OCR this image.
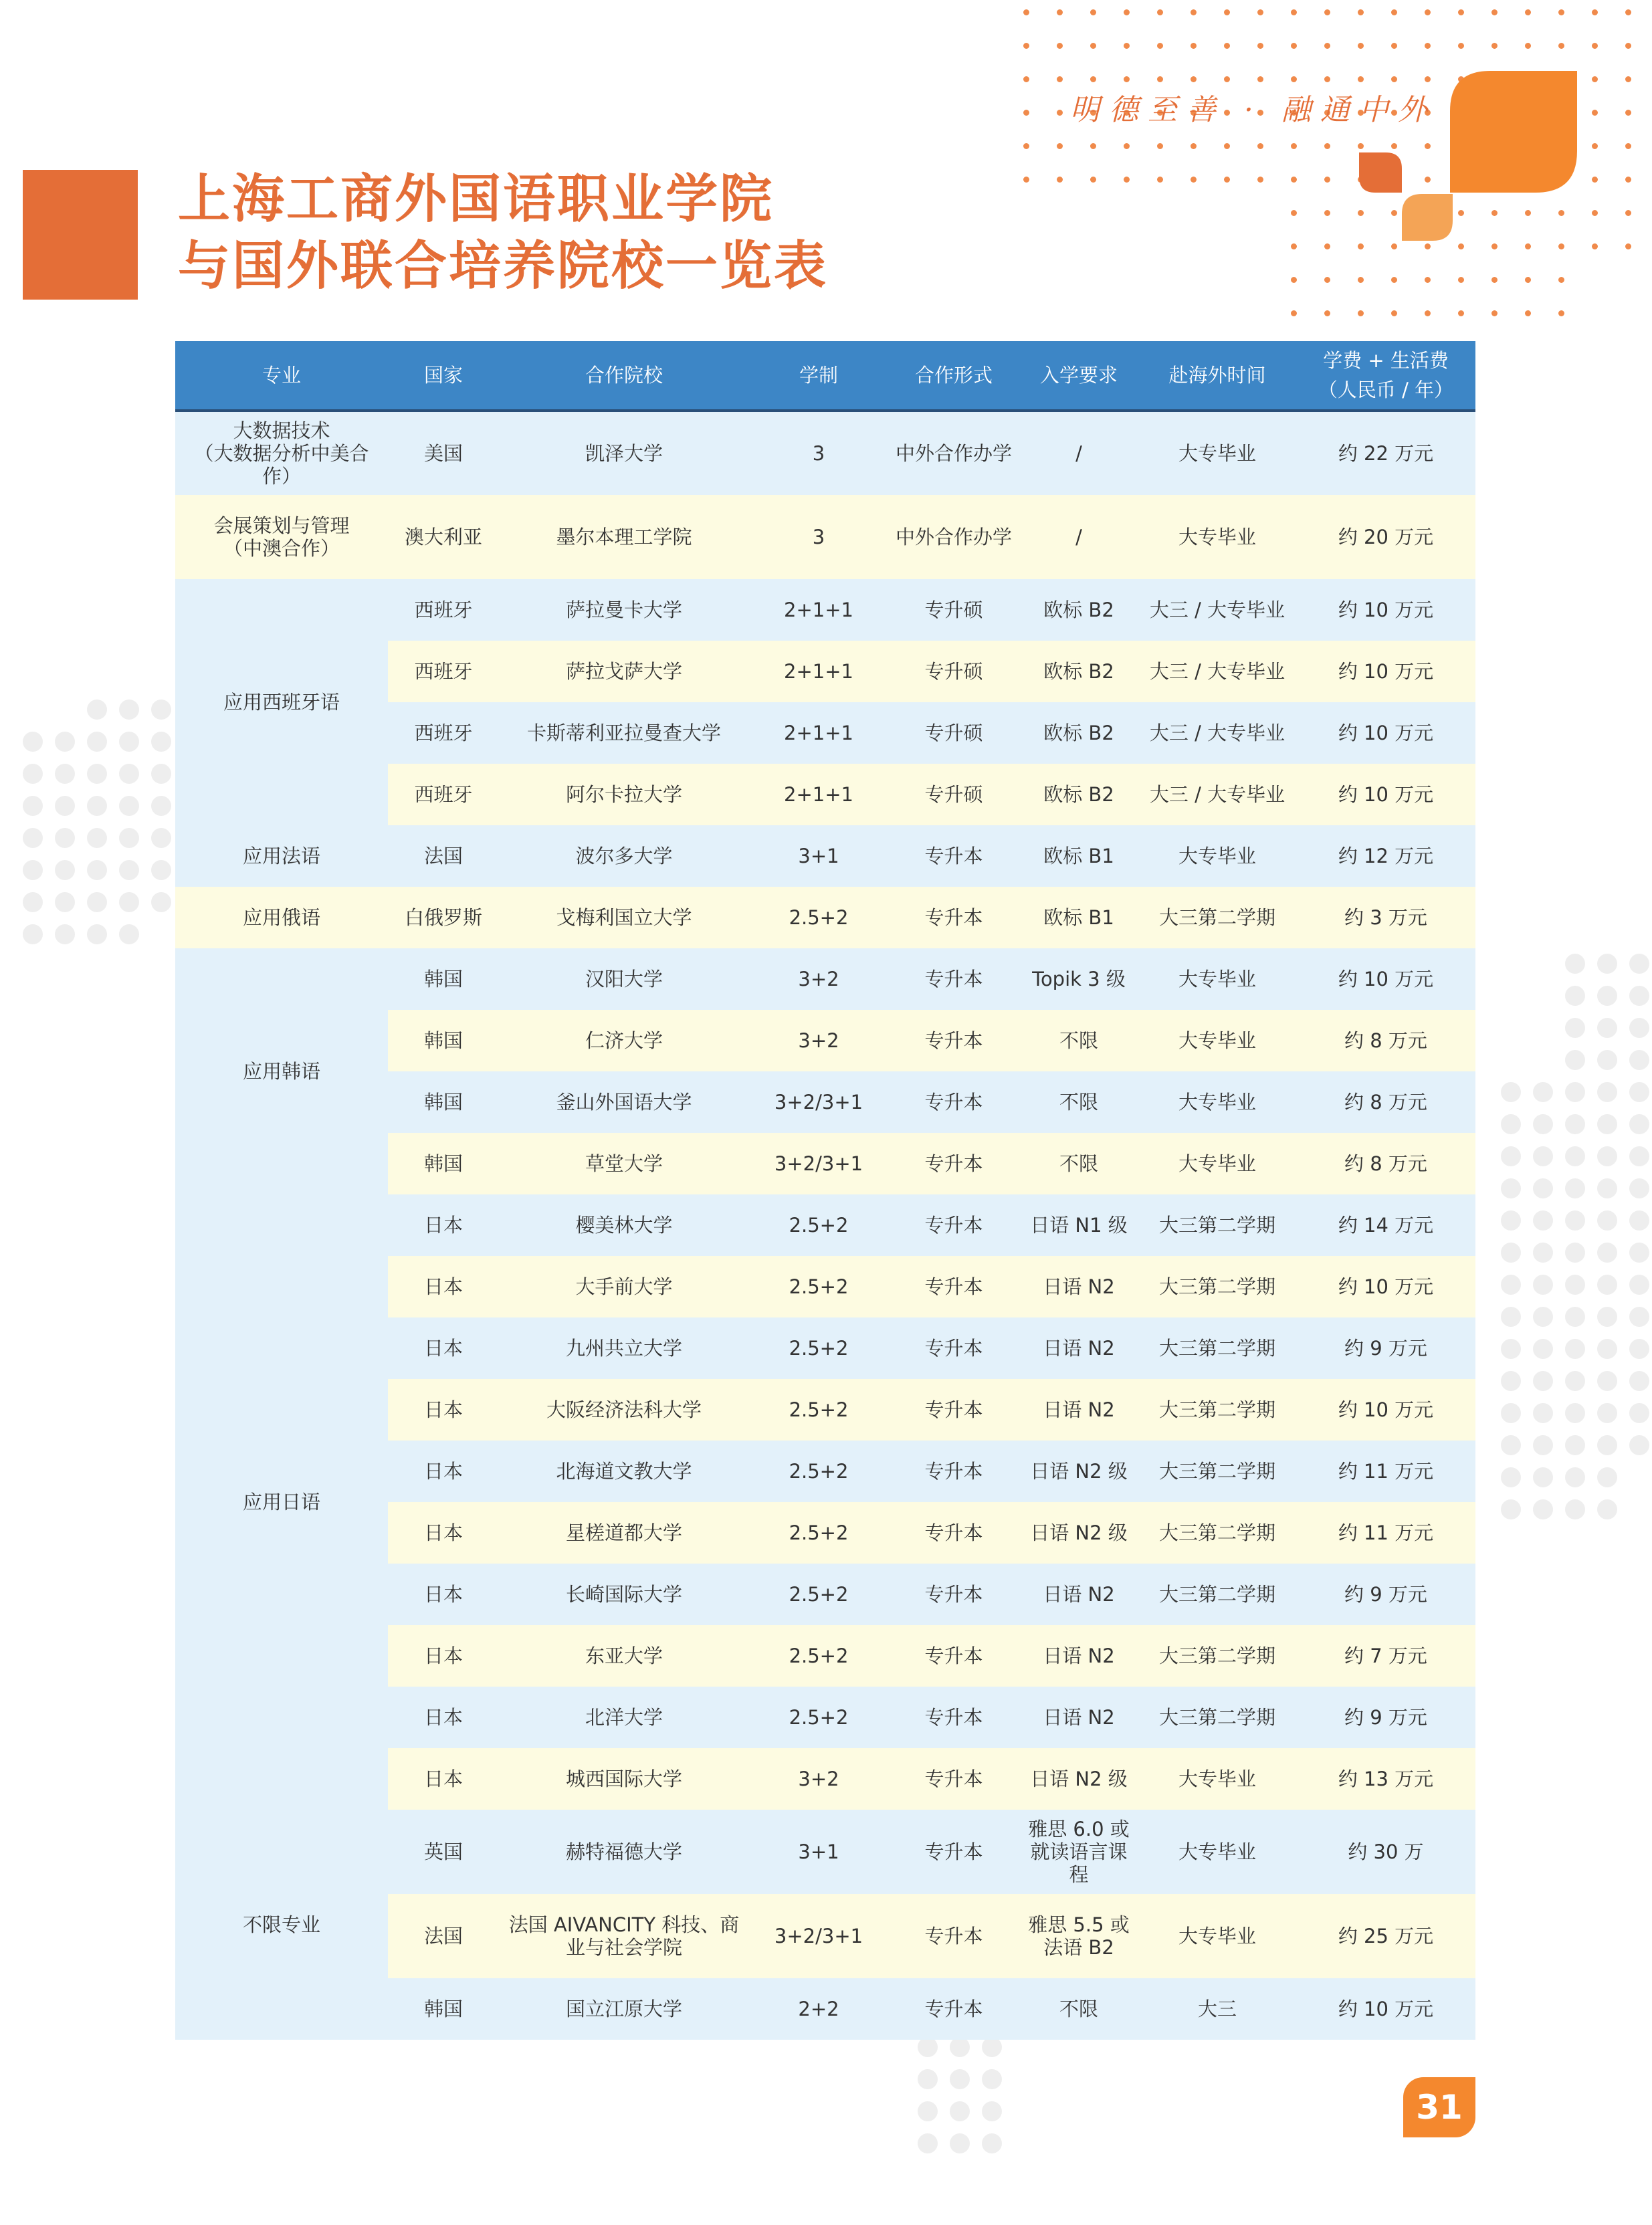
明德至善 · 融通中外
上海工商外国语职业学院
与国外联合培养院校一览表
专业	国家	合作院校	学制	合作形式	入学要求	赴海外时间	学费 + 生活费
（人民币 / 年）

大数据技术
（大数据分析中美合作）	美国	凯泽大学	3	中外合作办学	/	大专毕业	约 22 万元

会展策划与管理
（中澳合作）	澳大利亚	墨尔本理工学院	3	中外合作办学	/	大专毕业	约 20 万元
应用西班牙语	西班牙	萨拉曼卡大学	2+1+1	专升硕	欧标 B2	大三 / 大专毕业	约 10 万元
	西班牙	萨拉戈萨大学	2+1+1	专升硕	欧标 B2	大三 / 大专毕业	约 10 万元
	西班牙	卡斯蒂利亚拉曼查大学	2+1+1	专升硕	欧标 B2	大三 / 大专毕业	约 10 万元
	西班牙	阿尔卡拉大学	2+1+1	专升硕	欧标 B2	大三 / 大专毕业	约 10 万元
应用法语	法国	波尔多大学	3+1	专升本	欧标 B1	大专毕业	约 12 万元
应用俄语	白俄罗斯	戈梅利国立大学	2.5+2	专升本	欧标 B1	大三第二学期	约 3 万元
应用韩语	韩国	汉阳大学	3+2	专升本	Topik 3 级	大专毕业	约 10 万元
	韩国	仁济大学	3+2	专升本	不限	大专毕业	约 8 万元
	韩国	釜山外国语大学	3+2/3+1	专升本	不限	大专毕业	约 8 万元
	韩国	草堂大学	3+2/3+1	专升本	不限	大专毕业	约 8 万元
应用日语	日本	樱美林大学	2.5+2	专升本	日语 N1 级	大三第二学期	约 14 万元
	日本	大手前大学	2.5+2	专升本	日语 N2	大三第二学期	约 10 万元
	日本	九州共立大学	2.5+2	专升本	日语 N2	大三第二学期	约 9 万元
	日本	大阪经济法科大学	2.5+2	专升本	日语 N2	大三第二学期	约 10 万元
	日本	北海道文教大学	2.5+2	专升本	日语 N2 级	大三第二学期	约 11 万元
	日本	星槎道都大学	2.5+2	专升本	日语 N2 级	大三第二学期	约 11 万元
	日本	长崎国际大学	2.5+2	专升本	日语 N2	大三第二学期	约 9 万元
	日本	东亚大学	2.5+2	专升本	日语 N2	大三第二学期	约 7 万元
	日本	北洋大学	2.5+2	专升本	日语 N2	大三第二学期	约 9 万元
	日本	城西国际大学	3+2	专升本	日语 N2 级	大专毕业	约 13 万元
不限专业	英国	赫特福德大学	3+1	专升本	雅思 6.0 或就读语言课程	大专毕业	约 30 万
	法国	法国 AIVANCITY 科技、商业与社会学院	3+2/3+1	专升本	雅思 5.5 或法语 B2	大专毕业	约 25 万元
	韩国	国立江原大学	2+2	专升本	不限	大三	约 10 万元
31
